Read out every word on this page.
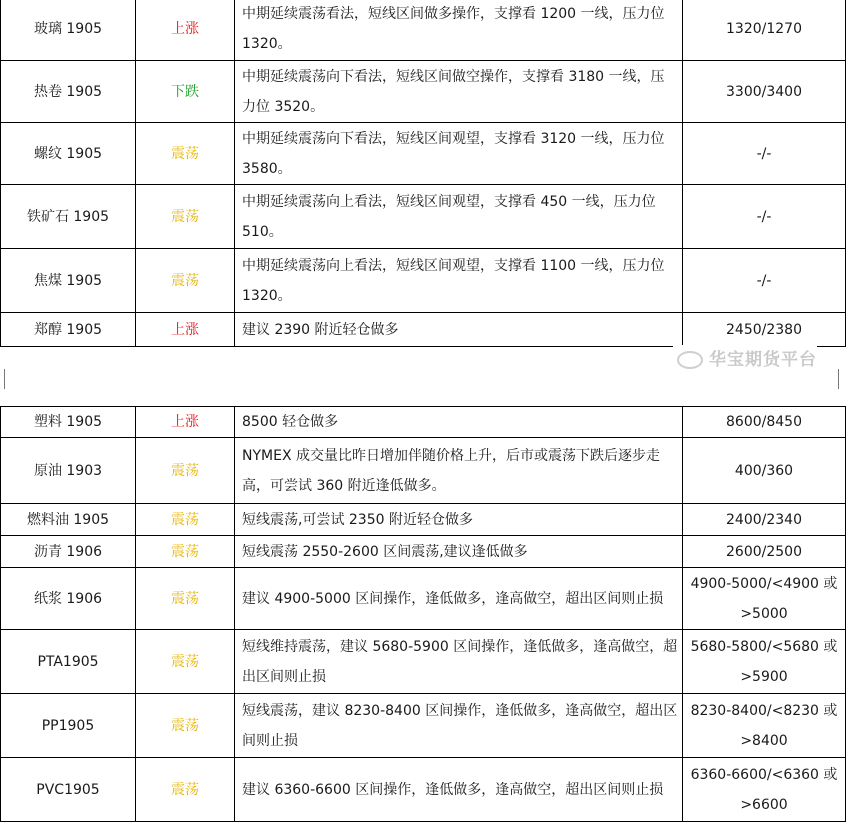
玻璃 1905	上涨	中期延续震荡看法，短线区间做多操作，支撑看 1200 一线，压力位 1320。	1320/1270
热卷 1905	下跌	中期延续震荡向下看法，短线区间做空操作，支撑看 3180 一线，压力位 3520。	3300/3400
螺纹 1905	震荡	中期延续震荡向下看法，短线区间观望，支撑看 3120 一线，压力位 3580。	-/-
铁矿石 1905	震荡	中期延续震荡向上看法，短线区间观望，支撑看 450 一线，压力位 510。	-/-
焦煤 1905	震荡	中期延续震荡向上看法，短线区间观望，支撑看 1100 一线，压力位 1320。	-/-
郑醇 1905	上涨	建议 2390 附近轻仓做多	2450/2380
华宝期货平台
塑料 1905	上涨	8500 轻仓做多	8600/8450
原油 1903	震荡	NYMEX 成交量比昨日增加伴随价格上升，后市或震荡下跌后逐步走高，可尝试 360 附近逢低做多。	400/360
燃料油 1905	震荡	短线震荡,可尝试 2350 附近轻仓做多	2400/2340
沥青 1906	震荡	短线震荡 2550-2600 区间震荡,建议逢低做多	2600/2500
纸浆 1906	震荡	建议 4900-5000 区间操作，逢低做多，逢高做空，超出区间则止损	4900-5000/<4900 或>5000
PTA1905	震荡	短线维持震荡，建议 5680-5900 区间操作，逢低做多，逢高做空，超出区间则止损	5680-5800/<5680 或>5900
PP1905	震荡	短线震荡，建议 8230-8400 区间操作，逢低做多，逢高做空，超出区间则止损	8230-8400/<8230 或>8400
PVC1905	震荡	建议 6360-6600 区间操作，逢低做多，逢高做空，超出区间则止损	6360-6600/<6360 或>6600
